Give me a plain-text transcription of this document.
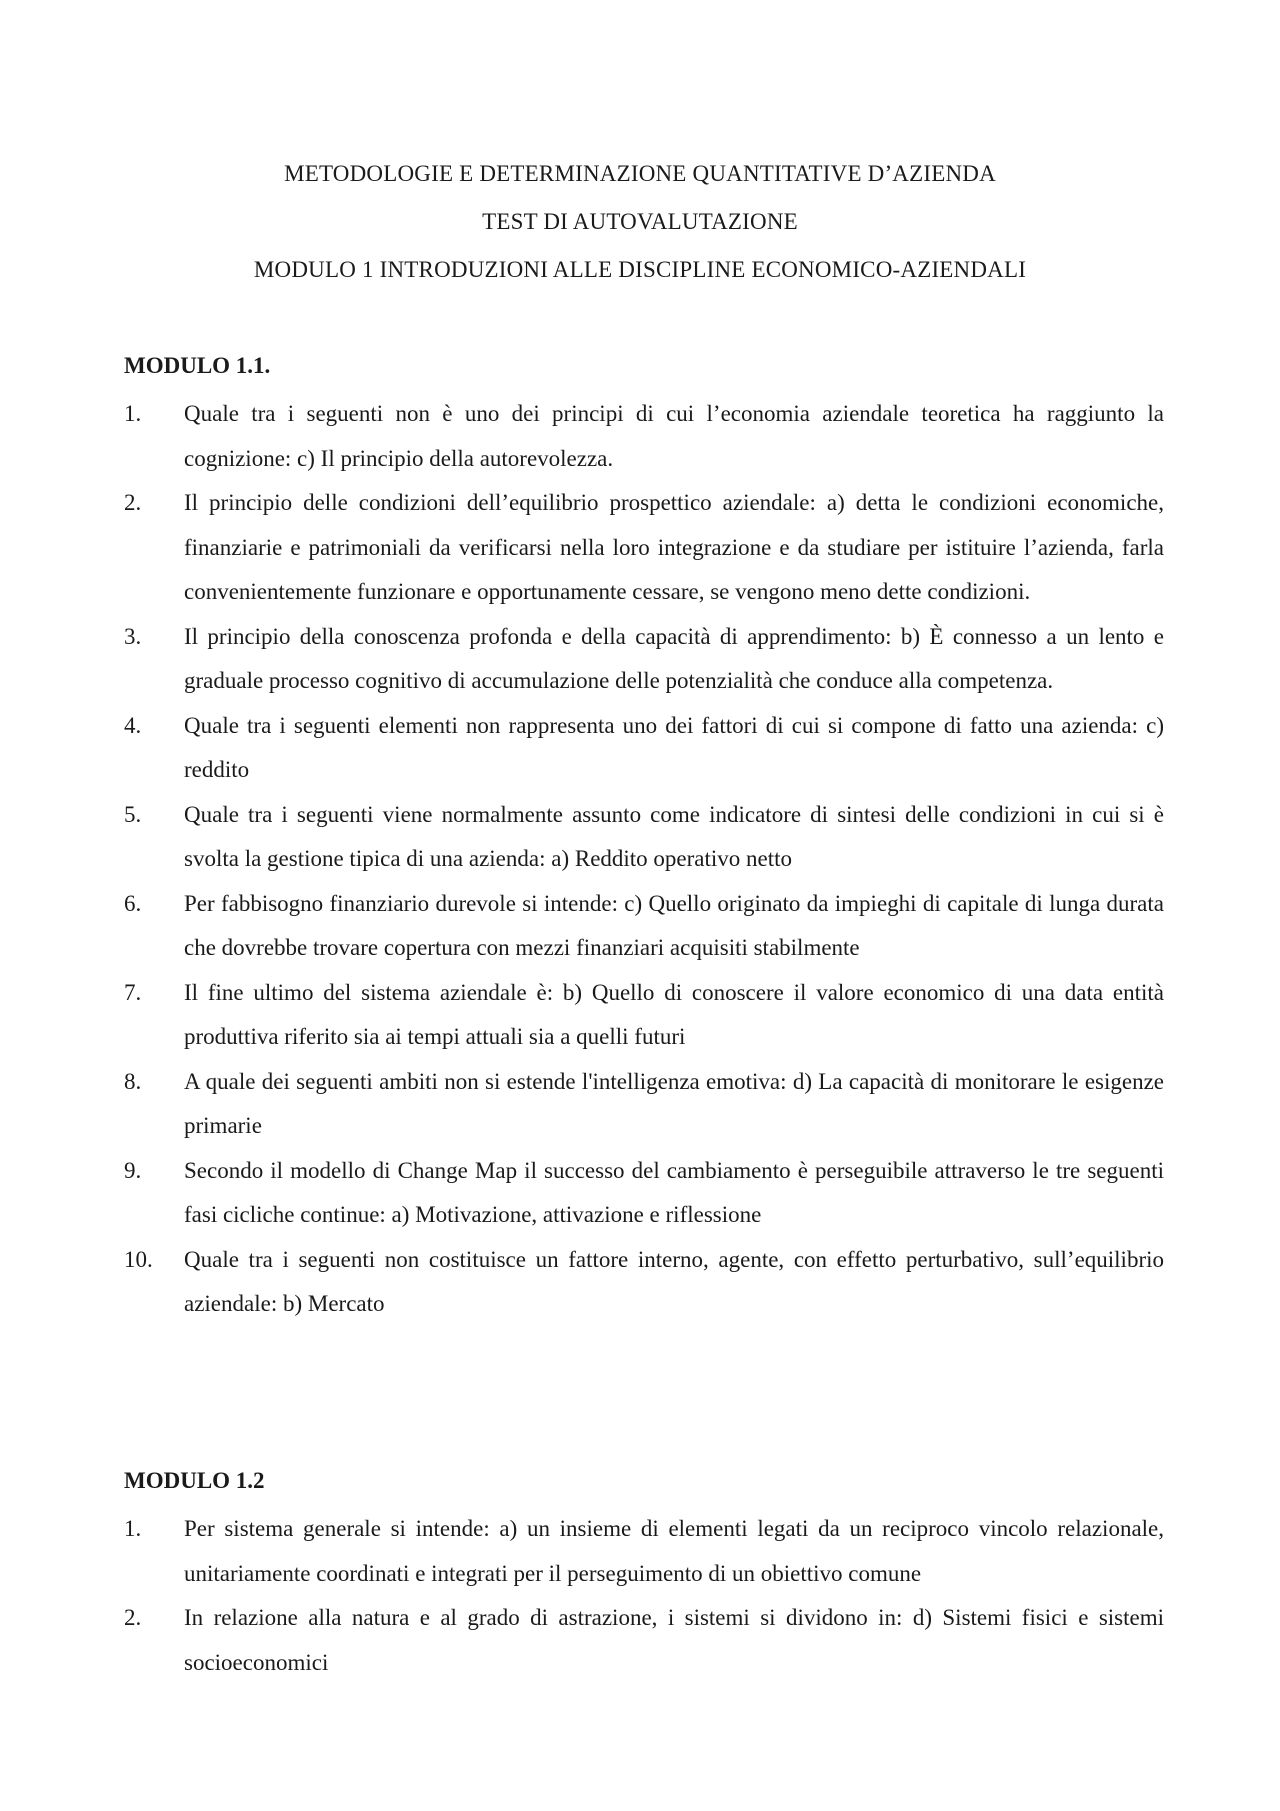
METODOLOGIE E DETERMINAZIONE QUANTITATIVE D’AZIENDA
TEST DI AUTOVALUTAZIONE
MODULO 1 INTRODUZIONI ALLE DISCIPLINE ECONOMICO-AZIENDALI
MODULO 1.1.
1.	Quale tra i seguenti non è uno dei principi di cui l’economia aziendale teoretica ha raggiunto la cognizione: c) Il principio della autorevolezza.
2.	Il principio delle condizioni dell’equilibrio prospettico aziendale: a) detta le condizioni economiche, finanziarie e patrimoniali da verificarsi nella loro integrazione e da studiare per istituire l’azienda, farla convenientemente funzionare e opportunamente cessare, se vengono meno dette condizioni.
3.	Il principio della conoscenza profonda e della capacità di apprendimento: b) È connesso a un lento e graduale processo cognitivo di accumulazione delle potenzialità che conduce alla competenza.
4.	Quale tra i seguenti elementi non rappresenta uno dei fattori di cui si compone di fatto una azienda: c) reddito
5.	Quale tra i seguenti viene normalmente assunto come indicatore di sintesi delle condizioni in cui si è svolta la gestione tipica di una azienda: a) Reddito operativo netto
6.	Per fabbisogno finanziario durevole si intende: c) Quello originato da impieghi di capitale di lunga durata che dovrebbe trovare copertura con mezzi finanziari acquisiti stabilmente
7.	Il fine ultimo del sistema aziendale è: b) Quello di conoscere il valore economico di una data entità produttiva riferito sia ai tempi attuali sia a quelli futuri
8.	A quale dei seguenti ambiti non si estende l'intelligenza emotiva: d) La capacità di monitorare le esigenze primarie
9.	Secondo il modello di Change Map il successo del cambiamento è perseguibile attraverso le tre seguenti fasi cicliche continue: a) Motivazione, attivazione e riflessione
10.	Quale tra i seguenti non costituisce un fattore interno, agente, con effetto perturbativo, sull’equilibrio aziendale: b) Mercato
MODULO 1.2
1.	Per sistema generale si intende: a) un insieme di elementi legati da un reciproco vincolo relazionale, unitariamente coordinati e integrati per il perseguimento di un obiettivo comune
2.	In relazione alla natura e al grado di astrazione, i sistemi si dividono in: d) Sistemi fisici e sistemi socioeconomici
